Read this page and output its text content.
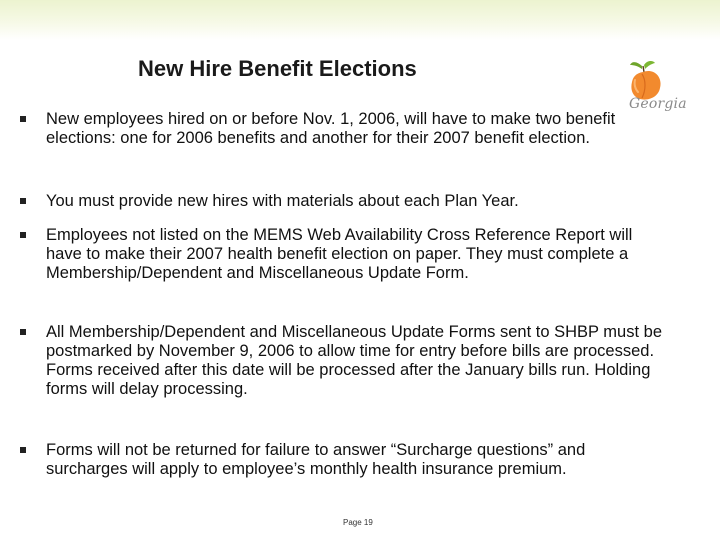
New Hire Benefit Elections
Georgia
New employees hired on or before Nov. 1, 2006, will have to make two benefit elections: one for 2006 benefits and another for their 2007 benefit election.
You must provide new hires with materials about each Plan Year.
Employees not listed on the MEMS Web Availability Cross Reference Report will have to make their 2007 health benefit election on paper. They must complete a Membership/Dependent and Miscellaneous Update Form.
All Membership/Dependent and Miscellaneous Update Forms sent to SHBP must be postmarked by November 9, 2006 to allow time for entry before bills are processed. Forms received after this date will be processed after the January bills run. Holding forms will delay processing.
Forms will not be returned for failure to answer “Surcharge questions” and surcharges will apply to employee’s monthly health insurance premium.
Page 19
